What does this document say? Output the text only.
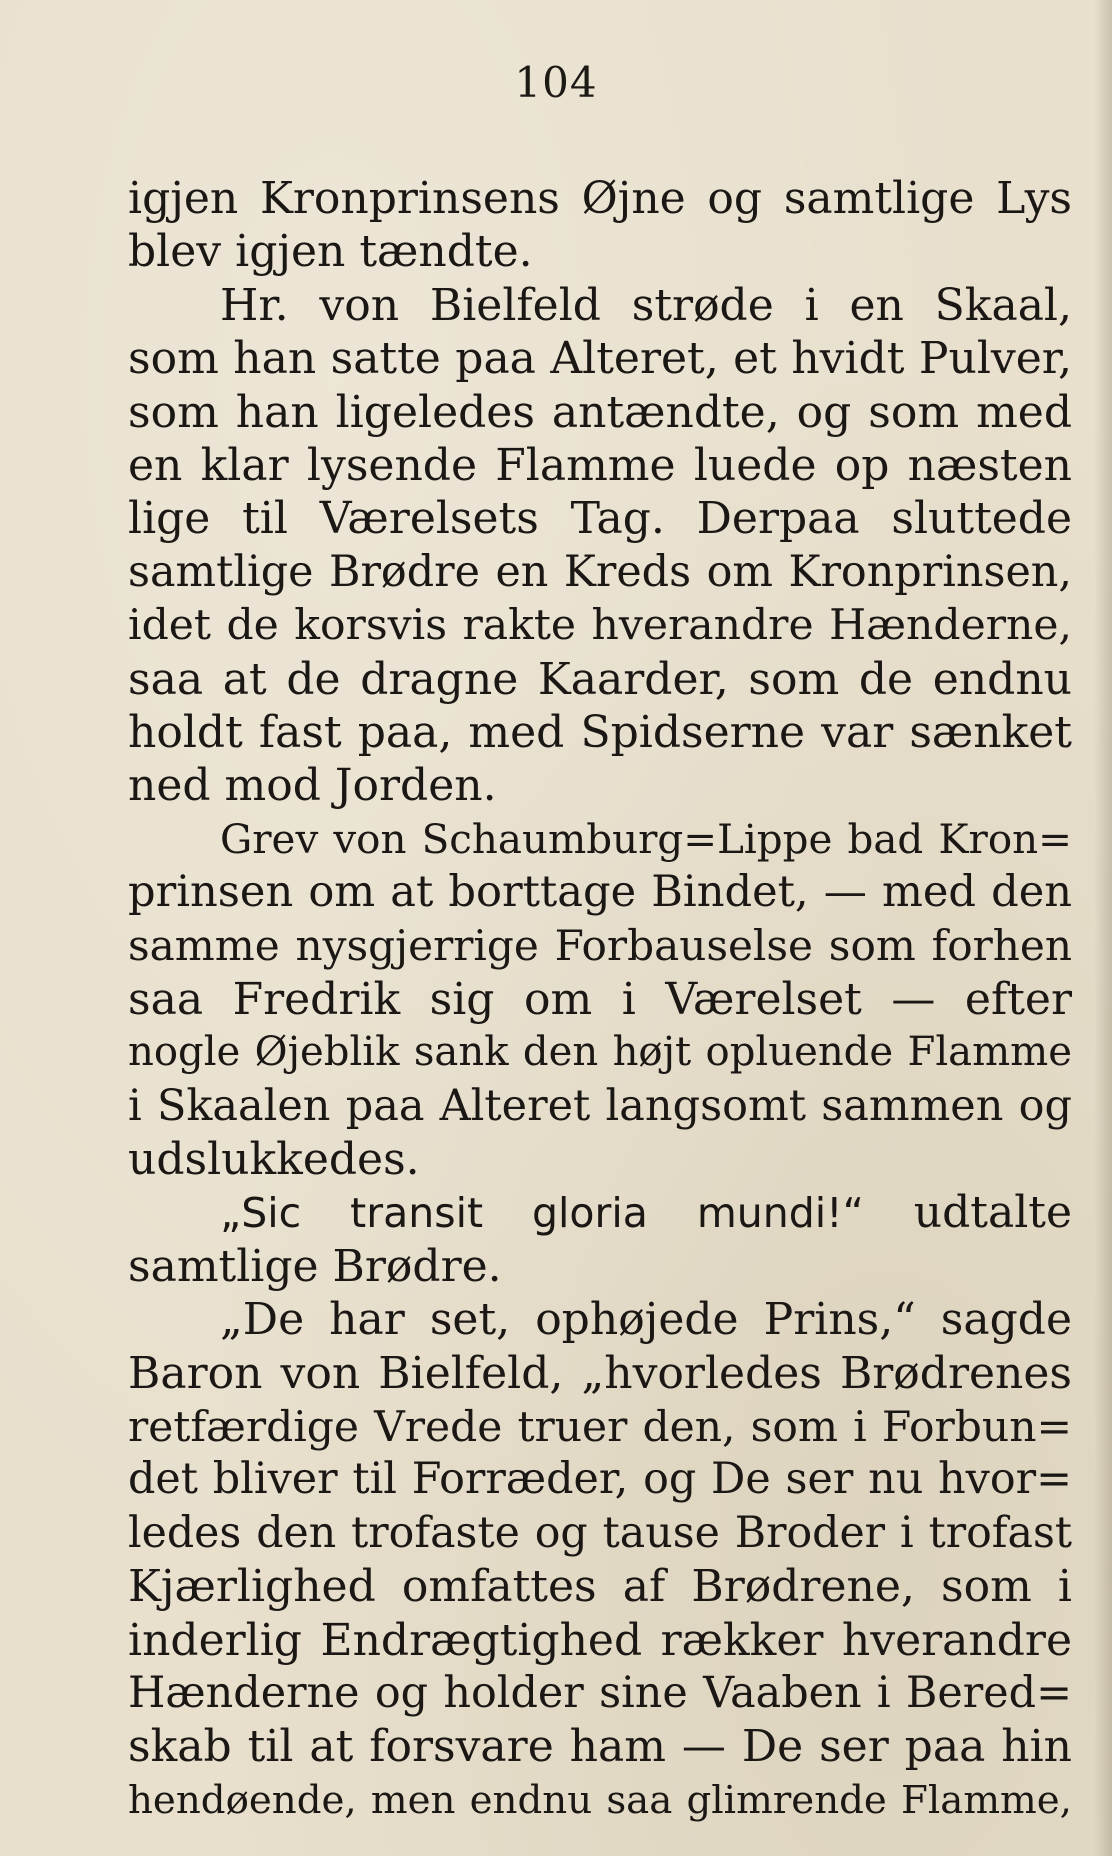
104
igjen Kronprinsens Øjne og samtlige Lys
blev igjen tændte.
Hr. von Bielfeld strøde i en Skaal,
som han satte paa Alteret, et hvidt Pulver,
som han ligeledes antændte, og som med
en klar lysende Flamme luede op næsten
lige til Værelsets Tag. Derpaa sluttede
samtlige Brødre en Kreds om Kronprinsen,
idet de korsvis rakte hverandre Hænderne,
saa at de dragne Kaarder, som de endnu
holdt fast paa, med Spidserne var sænket
ned mod Jorden.
Grev von Schaumburg=Lippe bad Kron=
prinsen om at borttage Bindet, — med den
samme nysgjerrige Forbauselse som forhen
saa Fredrik sig om i Værelset — efter
nogle Øjeblik sank den højt opluende Flamme
i Skaalen paa Alteret langsomt sammen og
udslukkedes.
„Sic transit gloria mundi!“ udtalte
samtlige Brødre.
„De har set, ophøjede Prins,“ sagde
Baron von Bielfeld, „hvorledes Brødrenes
retfærdige Vrede truer den, som i Forbun=
det bliver til Forræder, og De ser nu hvor=
ledes den trofaste og tause Broder i trofast
Kjærlighed omfattes af Brødrene, som i
inderlig Endrægtighed rækker hverandre
Hænderne og holder sine Vaaben i Bered=
skab til at forsvare ham — De ser paa hin
hendøende, men endnu saa glimrende Flamme,
